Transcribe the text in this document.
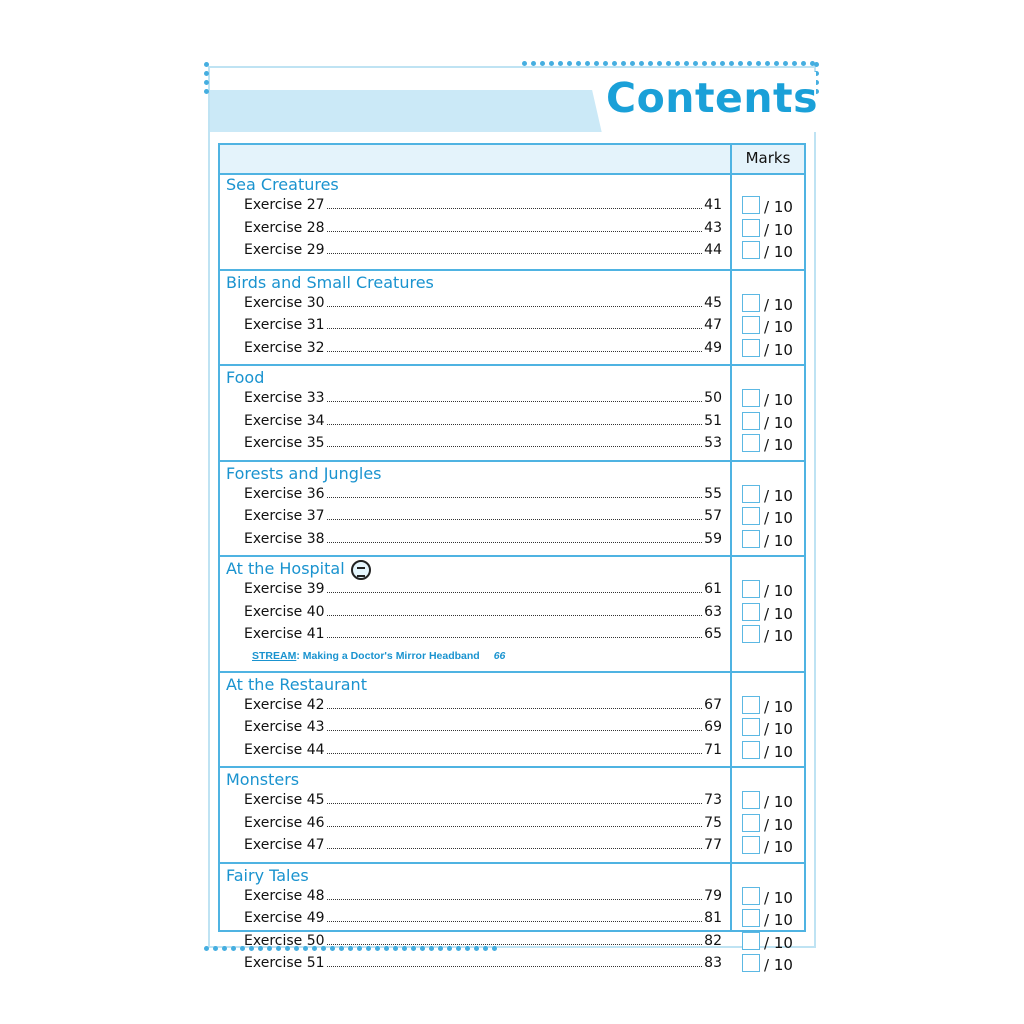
Contents
Marks
Sea Creatures
Exercise 27	41	/ 10
Exercise 28	43	/ 10
Exercise 29	44	/ 10
Birds and Small Creatures
Exercise 30	45	/ 10
Exercise 31	47	/ 10
Exercise 32	49	/ 10
Food
Exercise 33	50	/ 10
Exercise 34	51	/ 10
Exercise 35	53	/ 10
Forests and Jungles
Exercise 36	55	/ 10
Exercise 37	57	/ 10
Exercise 38	59	/ 10
At the Hospital
Exercise 39	61	/ 10
Exercise 40	63	/ 10
Exercise 41	65	/ 10
STREAM: Making a Doctor's Mirror Headband 66
At the Restaurant
Exercise 42	67	/ 10
Exercise 43	69	/ 10
Exercise 44	71	/ 10
Monsters
Exercise 45	73	/ 10
Exercise 46	75	/ 10
Exercise 47	77	/ 10
Fairy Tales
Exercise 48	79	/ 10
Exercise 49	81	/ 10
Exercise 50	82	/ 10
Exercise 51	83	/ 10
